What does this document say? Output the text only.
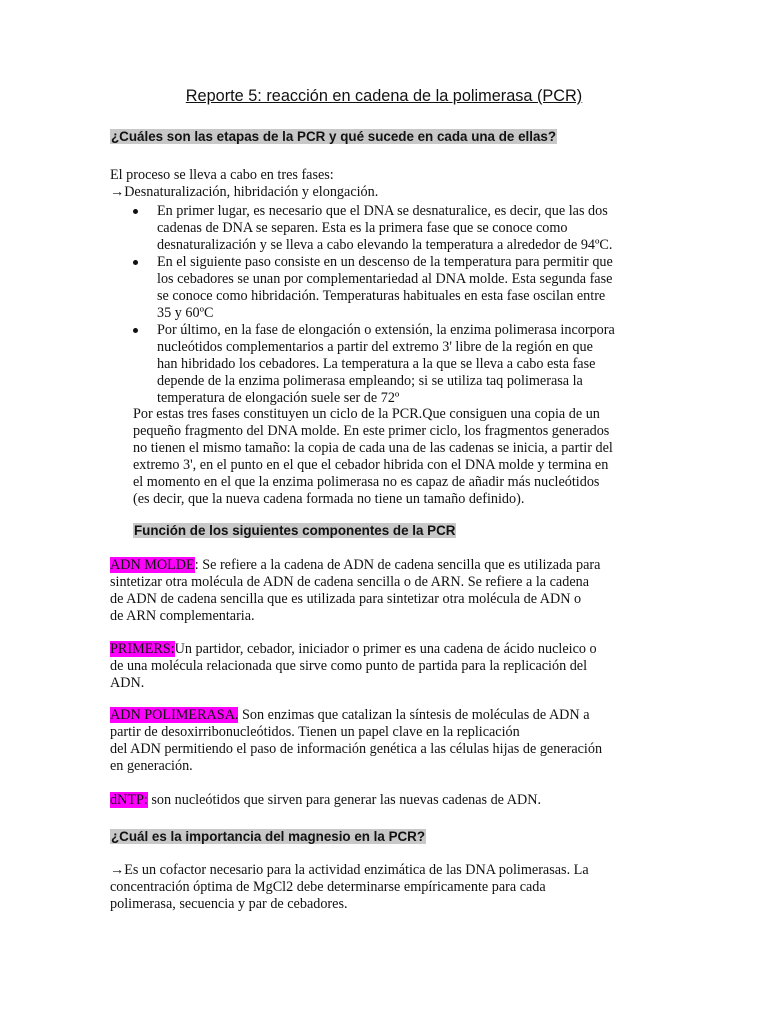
Reporte 5: reacción en cadena de la polimerasa (PCR)
¿Cuáles son las etapas de la PCR y qué sucede en cada una de ellas?

El proceso se lleva a cabo en tres fases:

→Desnaturalización, hibridación y elongación.

En primer lugar, es necesario que el DNA se desnaturalice, es decir, que las dos

cadenas de DNA se separen. Esta es la primera fase que se conoce como

desnaturalización y se lleva a cabo elevando la temperatura a alrededor de 94ºC.

En el siguiente paso consiste en un descenso de la temperatura para permitir que

los cebadores se unan por complementariedad al DNA molde. Esta segunda fase

se conoce como hibridación. Temperaturas habituales en esta fase oscilan entre

35 y 60ºC

Por último, en la fase de elongación o extensión, la enzima polimerasa incorpora

nucleótidos complementarios a partir del extremo 3' libre de la región en que

han hibridado los cebadores. La temperatura a la que se lleva a cabo esta fase

depende de la enzima polimerasa empleando; si se utiliza taq polimerasa la

temperatura de elongación suele ser de 72º

Por estas tres fases constituyen un ciclo de la PCR.Que consiguen una copia de un

pequeño fragmento del DNA molde. En este primer ciclo, los fragmentos generados

no tienen el mismo tamaño: la copia de cada una de las cadenas se inicia, a partir del

extremo 3', en el punto en el que el cebador hibrida con el DNA molde y termina en

el momento en el que la enzima polimerasa no es capaz de añadir más nucleótidos

(es decir, que la nueva cadena formada no tiene un tamaño definido).

Función de los siguientes componentes de la PCR

ADN MOLDE: Se refiere a la cadena de ADN de cadena sencilla que es utilizada para

sintetizar otra molécula de ADN de cadena sencilla o de ARN. Se refiere a la cadena

de ADN de cadena sencilla que es utilizada para sintetizar otra molécula de ADN o

de ARN complementaria.

PRIMERS:Un partidor, cebador, iniciador o primer es una cadena de ácido nucleico o

de una molécula relacionada que sirve como punto de partida para la replicación del

ADN.

ADN POLIMERASA. Son enzimas que catalizan la síntesis de moléculas de ADN a

partir de desoxirribonucleótidos. Tienen un papel clave en la replicación

del ADN permitiendo el paso de información genética a las células hijas de generación

en generación.

dNTP: son nucleótidos que sirven para generar las nuevas cadenas de ADN.

¿Cuál es la importancia del magnesio en la PCR?

→Es un cofactor necesario para la actividad enzimática de las DNA polimerasas. La

concentración óptima de MgCl2 debe determinarse empíricamente para cada

polimerasa, secuencia y par de cebadores.
